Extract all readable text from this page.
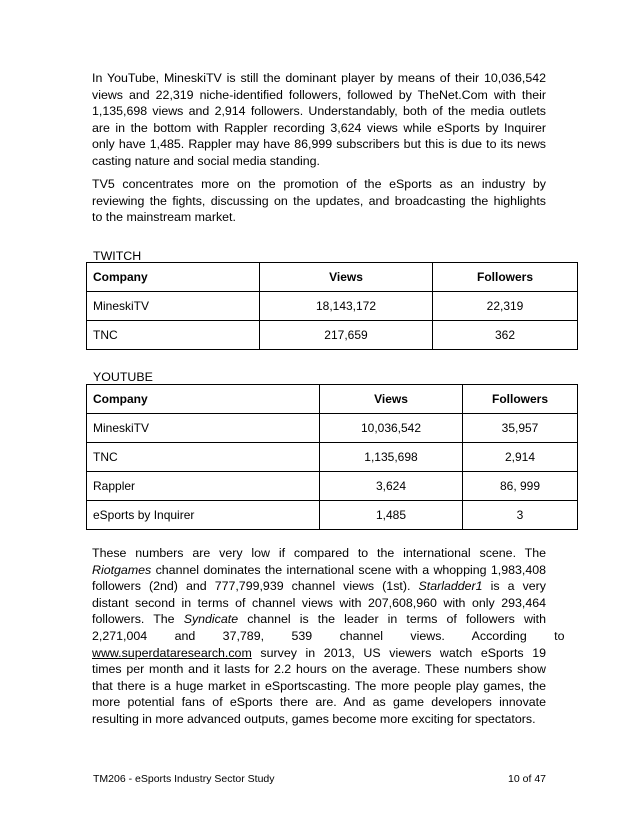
In YouTube, MineskiTV is still the dominant player by means of their 10,036,542
views and 22,319 niche-identified followers, followed by TheNet.Com with their
1,135,698 views and 2,914 followers. Understandably, both of the media outlets
are in the bottom with Rappler recording 3,624 views while eSports by Inquirer
only have 1,485. Rappler may have 86,999 subscribers but this is due to its news
casting nature and social media standing.
TV5 concentrates more on the promotion of the eSports as an industry by
reviewing the fights, discussing on the updates, and broadcasting the highlights
to the mainstream market.
TWITCH
Company	Views	Followers
MineskiTV	18,143,172	22,319
TNC	217,659	362
YOUTUBE
Company	Views	Followers
MineskiTV	10,036,542	35,957
TNC	1,135,698	2,914
Rappler	3,624	86, 999
eSports by Inquirer	1,485	3
These numbers are very low if compared to the international scene. The
Riotgames channel dominates the international scene with a whopping 1,983,408
followers (2nd) and 777,799,939 channel views (1st). Starladder1 is a very
distant second in terms of channel views with 207,608,960 with only 293,464
followers. The Syndicate channel is the leader in terms of followers with
2,271,004 and 37,789, 539 channel views. According to
www.superdataresearch.com survey in 2013, US viewers watch eSports 19
times per month and it lasts for 2.2 hours on the average. These numbers show
that there is a huge market in eSportscasting. The more people play games, the
more potential fans of eSports there are. And as game developers innovate
resulting in more advanced outputs, games become more exciting for spectators.
TM206 - eSports Industry Sector Study	10 of 47
